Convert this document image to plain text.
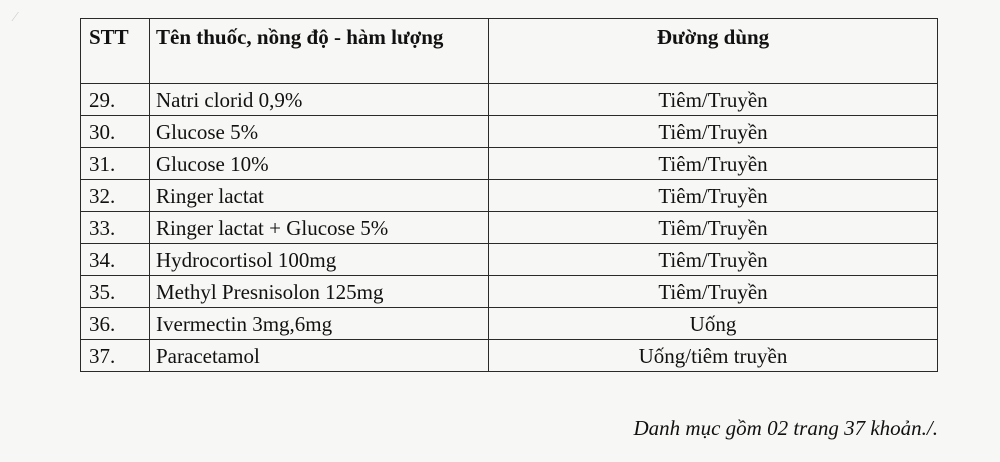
⁄
STT	Tên thuốc, nồng độ - hàm lượng	Đường dùng
29.	Natri clorid 0,9%	Tiêm/Truyền
30.	Glucose 5%	Tiêm/Truyền
31.	Glucose 10%	Tiêm/Truyền
32.	Ringer lactat	Tiêm/Truyền
33.	Ringer lactat + Glucose 5%	Tiêm/Truyền
34.	Hydrocortisol 100mg	Tiêm/Truyền
35.	Methyl Presnisolon 125mg	Tiêm/Truyền
36.	Ivermectin 3mg,6mg	Uống
37.	Paracetamol	Uống/tiêm truyền
Danh mục gồm 02 trang 37 khoản./.
